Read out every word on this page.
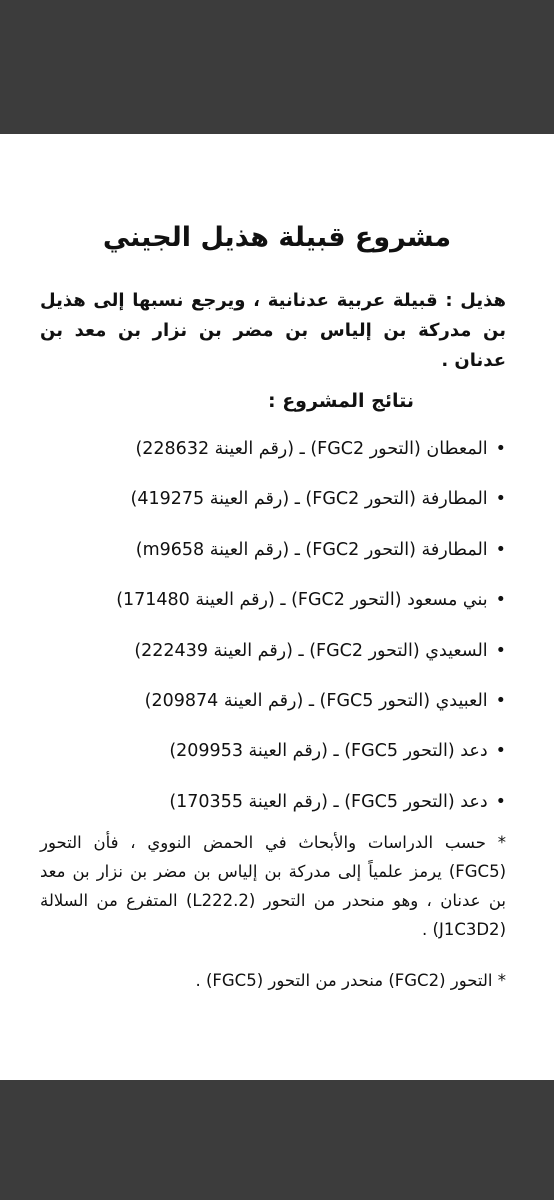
مشروع قبيلة هذيل الجيني

هذيل : قبيلة عربية عدنانية ، ويرجع نسبها إلى هذيل بن مدركة بن إلياس بن مضر بن نزار بن معد بن عدنان .

نتائج المشروع :
•المعطان (التحور FGC2) ـ (رقم العينة 228632)
•المطارفة (التحور FGC2) ـ (رقم العينة 419275)
•المطارفة (التحور FGC2) ـ (رقم العينة m9658)
•بني مسعود (التحور FGC2) ـ (رقم العينة 171480)
•السعيدي (التحور FGC2) ـ (رقم العينة 222439)
•العبيدي (التحور FGC5) ـ (رقم العينة 209874)
•دعد (التحور FGC5) ـ (رقم العينة 209953)
•دعد (التحور FGC5) ـ (رقم العينة 170355)

* حسب الدراسات والأبحاث في الحمض النووي ، فأن التحور (FGC5) يرمز علمياً إلى مدركة بن إلياس بن مضر بن نزار بن معد بن عدنان ، وهو منحدر من التحور (L222.2) المتفرع من السلالة (J1C3D2) .

* التحور (FGC2) منحدر من التحور (FGC5) .
